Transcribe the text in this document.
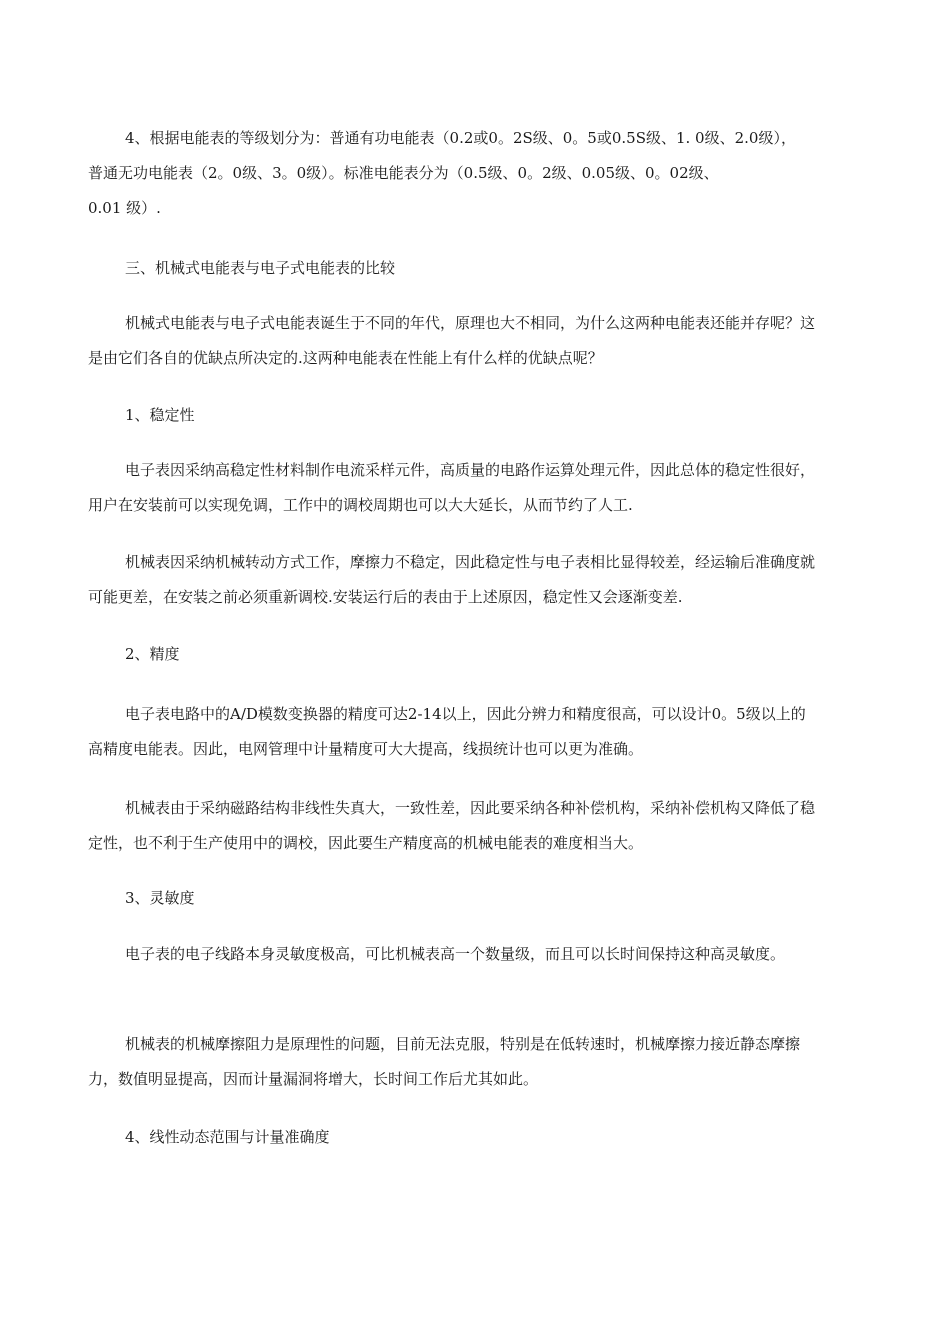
4、根据电能表的等级划分为：普通有功电能表（0.2或0。2S级、0。5或0.5S级、1. 0级、2.0级），
普通无功电能表（2。0级、3。0级）。标准电能表分为（0.5级、0。2级、0.05级、0。02级、
0.01 级）.

三、机械式电能表与电子式电能表的比较

机械式电能表与电子式电能表诞生于不同的年代，原理也大不相同，为什么这两种电能表还能并存呢？这
是由它们各自的优缺点所决定的.这两种电能表在性能上有什么样的优缺点呢？

1、稳定性

电子表因采纳高稳定性材料制作电流采样元件，高质量的电路作运算处理元件，因此总体的稳定性很好，
用户在安装前可以实现免调，工作中的调校周期也可以大大延长，从而节约了人工.

机械表因采纳机械转动方式工作，摩擦力不稳定，因此稳定性与电子表相比显得较差，经运输后准确度就
可能更差，在安装之前必须重新调校.安装运行后的表由于上述原因，稳定性又会逐渐变差.

2、精度

电子表电路中的A/D模数变换器的精度可达2-14以上，因此分辨力和精度很高，可以设计0。5级以上的
高精度电能表。因此，电网管理中计量精度可大大提高，线损统计也可以更为准确。

机械表由于采纳磁路结构非线性失真大，一致性差，因此要采纳各种补偿机构，采纳补偿机构又降低了稳
定性，也不利于生产使用中的调校，因此要生产精度高的机械电能表的难度相当大。

3、灵敏度

电子表的电子线路本身灵敏度极高，可比机械表高一个数量级，而且可以长时间保持这种高灵敏度。

机械表的机械摩擦阻力是原理性的问题，目前无法克服，特别是在低转速时，机械摩擦力接近静态摩擦
力，数值明显提高，因而计量漏洞将增大，长时间工作后尤其如此。

4、线性动态范围与计量准确度
